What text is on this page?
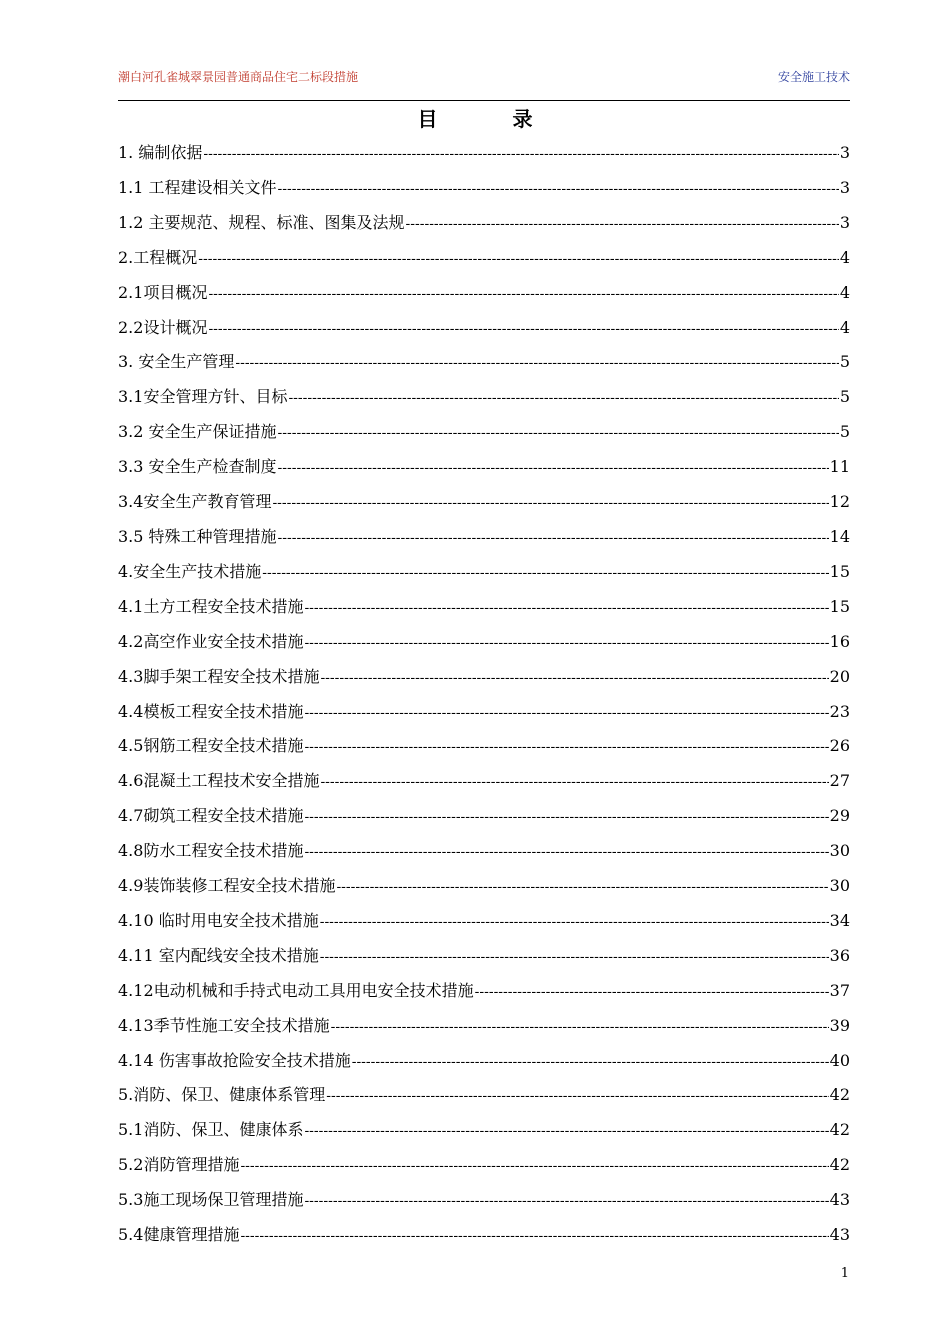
潮白河孔雀城翠景园普通商品住宅二标段措施	安全施工技术
目 录
1. 编制依据 -----	3
1.1 工程建设相关文件 -----	3
1.2 主要规范、规程、标准、图集及法规 -----	3
2.工程概况 -----	4
2.1项目概况 -----	4
2.2设计概况 -----	4
3. 安全生产管理 -----	5
3.1安全管理方针、目标 -----	5
3.2 安全生产保证措施 -----	5
3.3 安全生产检查制度 -----	11
3.4安全生产教育管理 -----	12
3.5 特殊工种管理措施 -----	14
4.安全生产技术措施 -----	15
4.1土方工程安全技术措施 -----	15
4.2高空作业安全技术措施 -----	16
4.3脚手架工程安全技术措施 -----	20
4.4模板工程安全技术措施 -----	23
4.5钢筋工程安全技术措施 -----	26
4.6混凝土工程技术安全措施 -----	27
4.7砌筑工程安全技术措施 -----	29
4.8防水工程安全技术措施 -----	30
4.9装饰装修工程安全技术措施 -----	30
4.10 临时用电安全技术措施 -----	34
4.11 室内配线安全技术措施 -----	36
4.12电动机械和手持式电动工具用电安全技术措施 -----	37
4.13季节性施工安全技术措施 -----	39
4.14 伤害事故抢险安全技术措施 -----	40
5.消防、保卫、健康体系管理 -----	42
5.1消防、保卫、健康体系 -----	42
5.2消防管理措施 -----	42
5.3施工现场保卫管理措施 -----	43
5.4健康管理措施 -----	43
1
